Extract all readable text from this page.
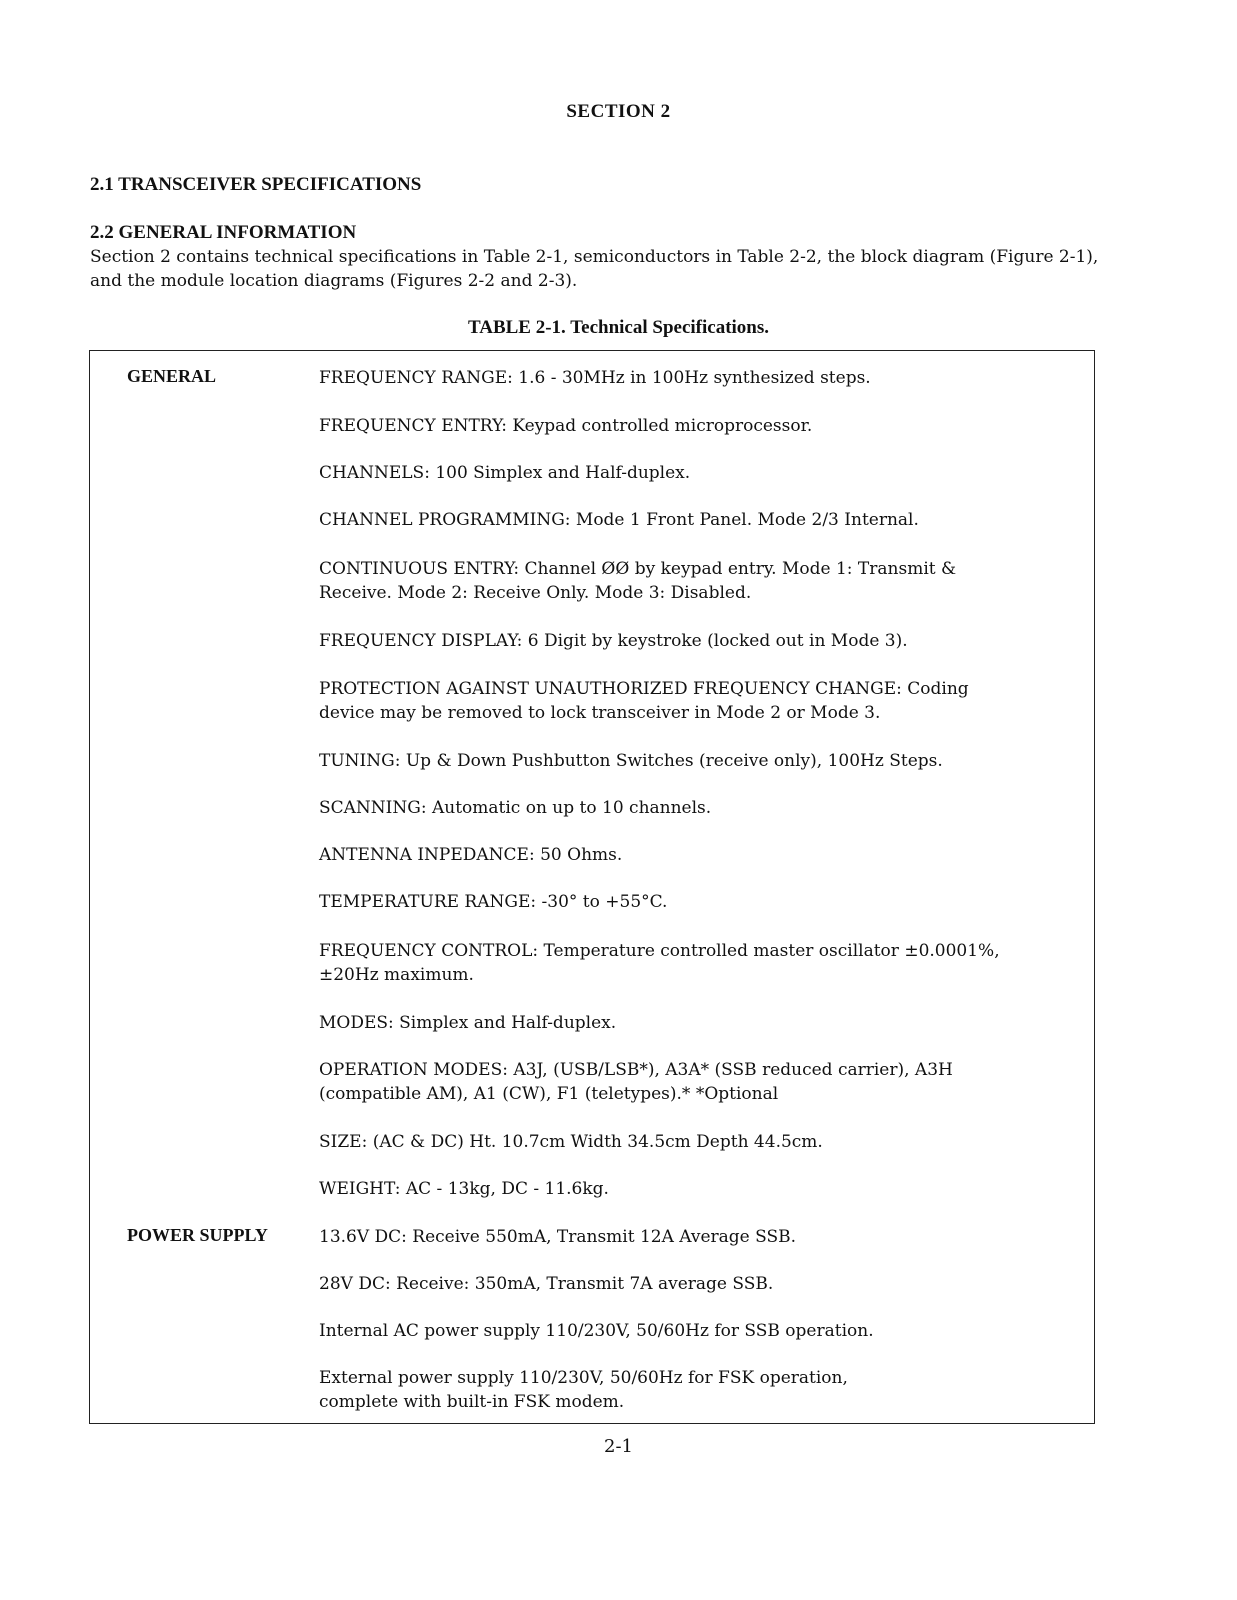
SECTION 2
2.1 TRANSCEIVER SPECIFICATIONS
2.2 GENERAL INFORMATION
Section 2 contains technical specifications in Table 2-1, semiconductors in Table 2-2, the block diagram (Figure 2-1), and the module location diagrams (Figures 2-2 and 2-3).
TABLE 2-1. Technical Specifications.
GENERAL
POWER SUPPLY
FREQUENCY RANGE: 1.6 - 30MHz in 100Hz synthesized steps.
FREQUENCY ENTRY: Keypad controlled microprocessor.
CHANNELS: 100 Simplex and Half-duplex.
CHANNEL PROGRAMMING: Mode 1 Front Panel. Mode 2/3 Internal.
CONTINUOUS ENTRY: Channel ØØ by keypad entry. Mode 1: Transmit &
Receive. Mode 2: Receive Only. Mode 3: Disabled.
FREQUENCY DISPLAY: 6 Digit by keystroke (locked out in Mode 3).
PROTECTION AGAINST UNAUTHORIZED FREQUENCY CHANGE: Coding
device may be removed to lock transceiver in Mode 2 or Mode 3.
TUNING: Up & Down Pushbutton Switches (receive only), 100Hz Steps.
SCANNING: Automatic on up to 10 channels.
ANTENNA INPEDANCE: 50 Ohms.
TEMPERATURE RANGE: -30° to +55°C.
FREQUENCY CONTROL: Temperature controlled master oscillator ±0.0001%,
±20Hz maximum.
MODES: Simplex and Half-duplex.
OPERATION MODES: A3J, (USB/LSB*), A3A* (SSB reduced carrier), A3H
(compatible AM), A1 (CW), F1 (teletypes).* *Optional
SIZE: (AC & DC) Ht. 10.7cm Width 34.5cm Depth 44.5cm.
WEIGHT: AC - 13kg, DC - 11.6kg.
13.6V DC: Receive 550mA, Transmit 12A Average SSB.
28V DC: Receive: 350mA, Transmit 7A average SSB.
Internal AC power supply 110/230V, 50/60Hz for SSB operation.
External power supply 110/230V, 50/60Hz for FSK operation,
complete with built-in FSK modem.
2-1
